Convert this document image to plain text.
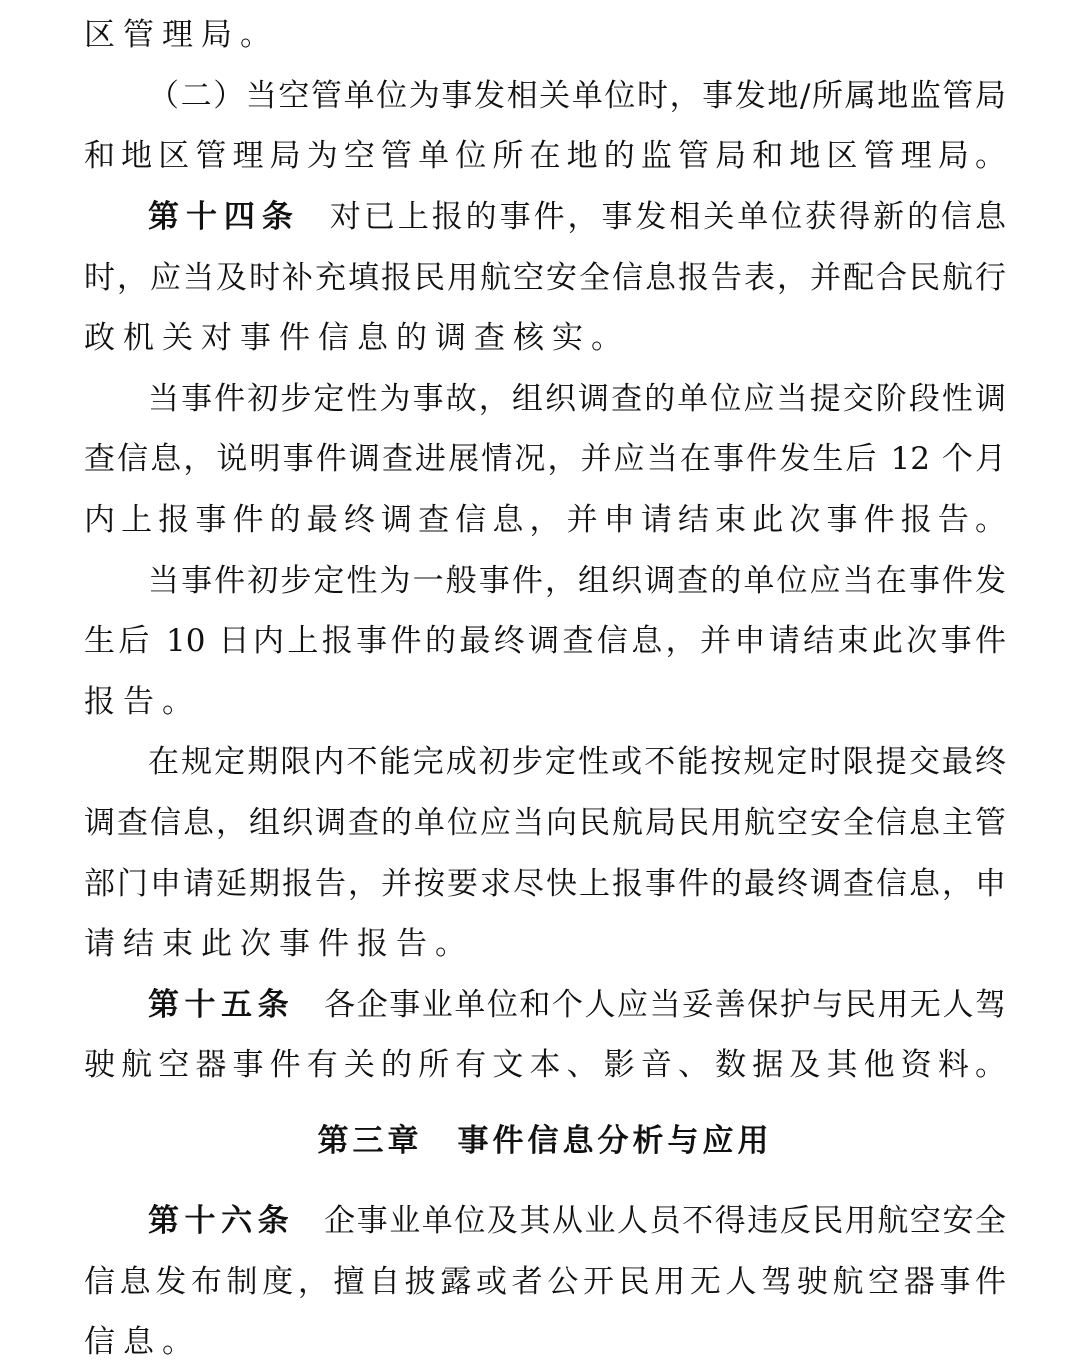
区管理局。
（二）当空管单位为事发相关单位时，事发地/所属地监管局
和地区管理局为空管单位所在地的监管局和地区管理局。
第十四条 对已上报的事件，事发相关单位获得新的信息
时，应当及时补充填报民用航空安全信息报告表，并配合民航行
政机关对事件信息的调查核实。
当事件初步定性为事故，组织调查的单位应当提交阶段性调
查信息，说明事件调查进展情况，并应当在事件发生后 12 个月
内上报事件的最终调查信息，并申请结束此次事件报告。
当事件初步定性为一般事件，组织调查的单位应当在事件发
生后 10 日内上报事件的最终调查信息，并申请结束此次事件
报告。
在规定期限内不能完成初步定性或不能按规定时限提交最终
调查信息，组织调查的单位应当向民航局民用航空安全信息主管
部门申请延期报告，并按要求尽快上报事件的最终调查信息，申
请结束此次事件报告。
第十五条 各企事业单位和个人应当妥善保护与民用无人驾
驶航空器事件有关的所有文本、影音、数据及其他资料。
第三章　事件信息分析与应用
第十六条 企事业单位及其从业人员不得违反民用航空安全
信息发布制度，擅自披露或者公开民用无人驾驶航空器事件
信息。
